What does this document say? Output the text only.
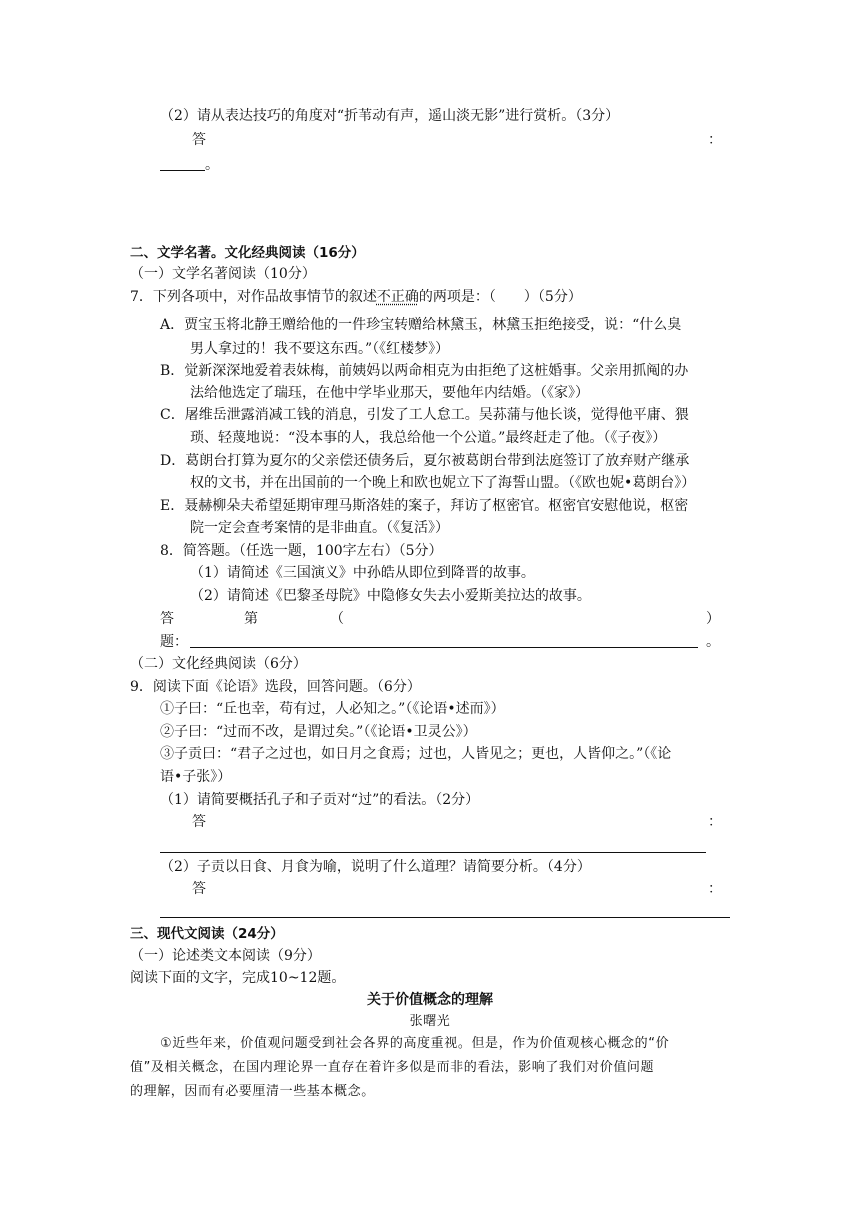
（2）请从表达技巧的角度对“折苇动有声，遥山淡无影”进行赏析。（3分）
答	：
。
二、文学名著。文化经典阅读（16分）
（一）文学名著阅读（10分）
7．下列各项中，对作品故事情节的叙述不正确的两项是：（　　）（5分）
A．贾宝玉将北静王赠给他的一件珍宝转赠给林黛玉，林黛玉拒绝接受，说：“什么臭
男人拿过的！我不要这东西。”（《红楼梦》）
B．觉新深深地爱着表妹梅，前姨妈以两命相克为由拒绝了这桩婚事。父亲用抓阄的办
法给他选定了瑞珏，在他中学毕业那天，要他年内结婚。（《家》）
C．屠维岳泄露消减工钱的消息，引发了工人怠工。吴荪蒲与他长谈，觉得他平庸、猥
琐、轻蔑地说：“没本事的人，我总给他一个公道。”最终赶走了他。（《子夜》）
D．葛朗台打算为夏尔的父亲偿还债务后，夏尔被葛朗台带到法庭签订了放弃财产继承
权的文书，并在出国前的一个晚上和欧也妮立下了海誓山盟。（《欧也妮•葛朗台》）
E．聂赫柳朵夫希望延期审理马斯洛娃的案子，拜访了枢密官。枢密官安慰他说，枢密
院一定会查考案情的是非曲直。（《复活》）
8．简答题。（任选一题，100字左右）（5分）
（1）请简述《三国演义》中孙皓从即位到降晋的故事。
（2）请简述《巴黎圣母院》中隐修女失去小爱斯美拉达的故事。
答	第	（	）
题：	。
（二）文化经典阅读（6分）
9．阅读下面《论语》选段，回答问题。（6分）
①子曰：“丘也幸，苟有过，人必知之。”（《论语•述而》）
②子曰：“过而不改，是谓过矣。”（《论语•卫灵公》）
③子贡曰：“君子之过也，如日月之食焉；过也，人皆见之；更也，人皆仰之。”（《论
语•子张》）
（1）请简要概括孔子和子贡对“过”的看法。（2分）
答	：
（2）子贡以日食、月食为喻，说明了什么道理？请简要分析。（4分）
答	：
三、现代文阅读（24分）
（一）论述类文本阅读（9分）
阅读下面的文字，完成10~12题。
关于价值概念的理解
张曙光
①近些年来，价值观问题受到社会各界的高度重视。但是，作为价值观核心概念的“价
值”及相关概念，在国内理论界一直存在着许多似是而非的看法，影响了我们对价值问题
的理解，因而有必要厘清一些基本概念。
